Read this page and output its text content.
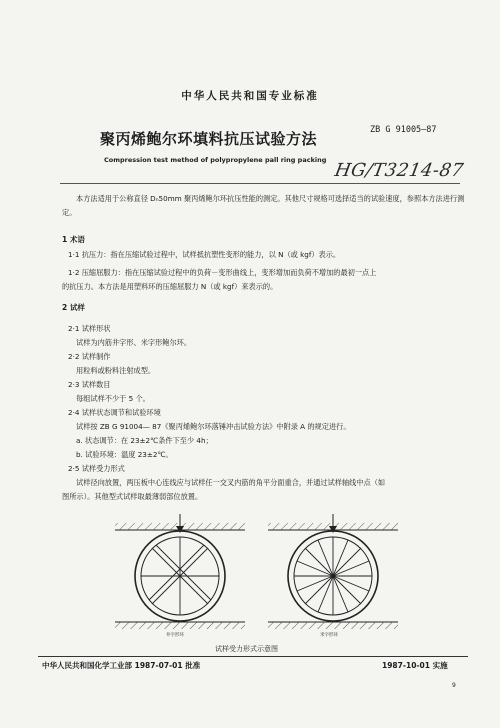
中华人民共和国专业标准
聚丙烯鲍尔环填料抗压试验方法	ZB G 91005—87
Compression test method of polypropylene pall ring packing HG/T3214-87
本方法适用于公称直径 Dₙ50mm 聚丙烯鲍尔环抗压性能的测定。其他尺寸规格可选择适当的试验速度，参照本方法进行测定。
1 术语
1·1 抗压力：指在压缩试验过程中，试样抵抗塑性变形的能力，以 N（或 kgf）表示。
1·2 压缩屈服力：指在压缩试验过程中的负荷－变形曲线上，变形增加而负荷不增加的最初一点上
的抗压力。本方法是用塑料环的压缩屈服力 N（或 kgf）来表示的。
2 试样
2·1 试样形状
试样为内筋井字形、米字形鲍尔环。
2·2 试样制作
用粒料或粉料注射成型。
2·3 试样数目
每组试样不少于 5 个。
2·4 试样状态调节和试验环境
试样按 ZB G 91004— 87《聚丙烯鲍尔环落锤冲击试验方法》中附录 A 的规定进行。
a. 状态调节：在 23±2℃条件下至少 4h；
b. 试验环境：温度 23±2℃。
2·5 试样受力形式
试样径向放置，两压板中心连线应与试样任一交叉内筋的角平分面重合，并通过试样轴线中点（如
图所示）。其他型式试样取最薄弱部位放置。
井字形环	米字形环
试样受力形式示意图
中华人民共和国化学工业部 1987-07-01 批准	1987-10-01 实施
9
